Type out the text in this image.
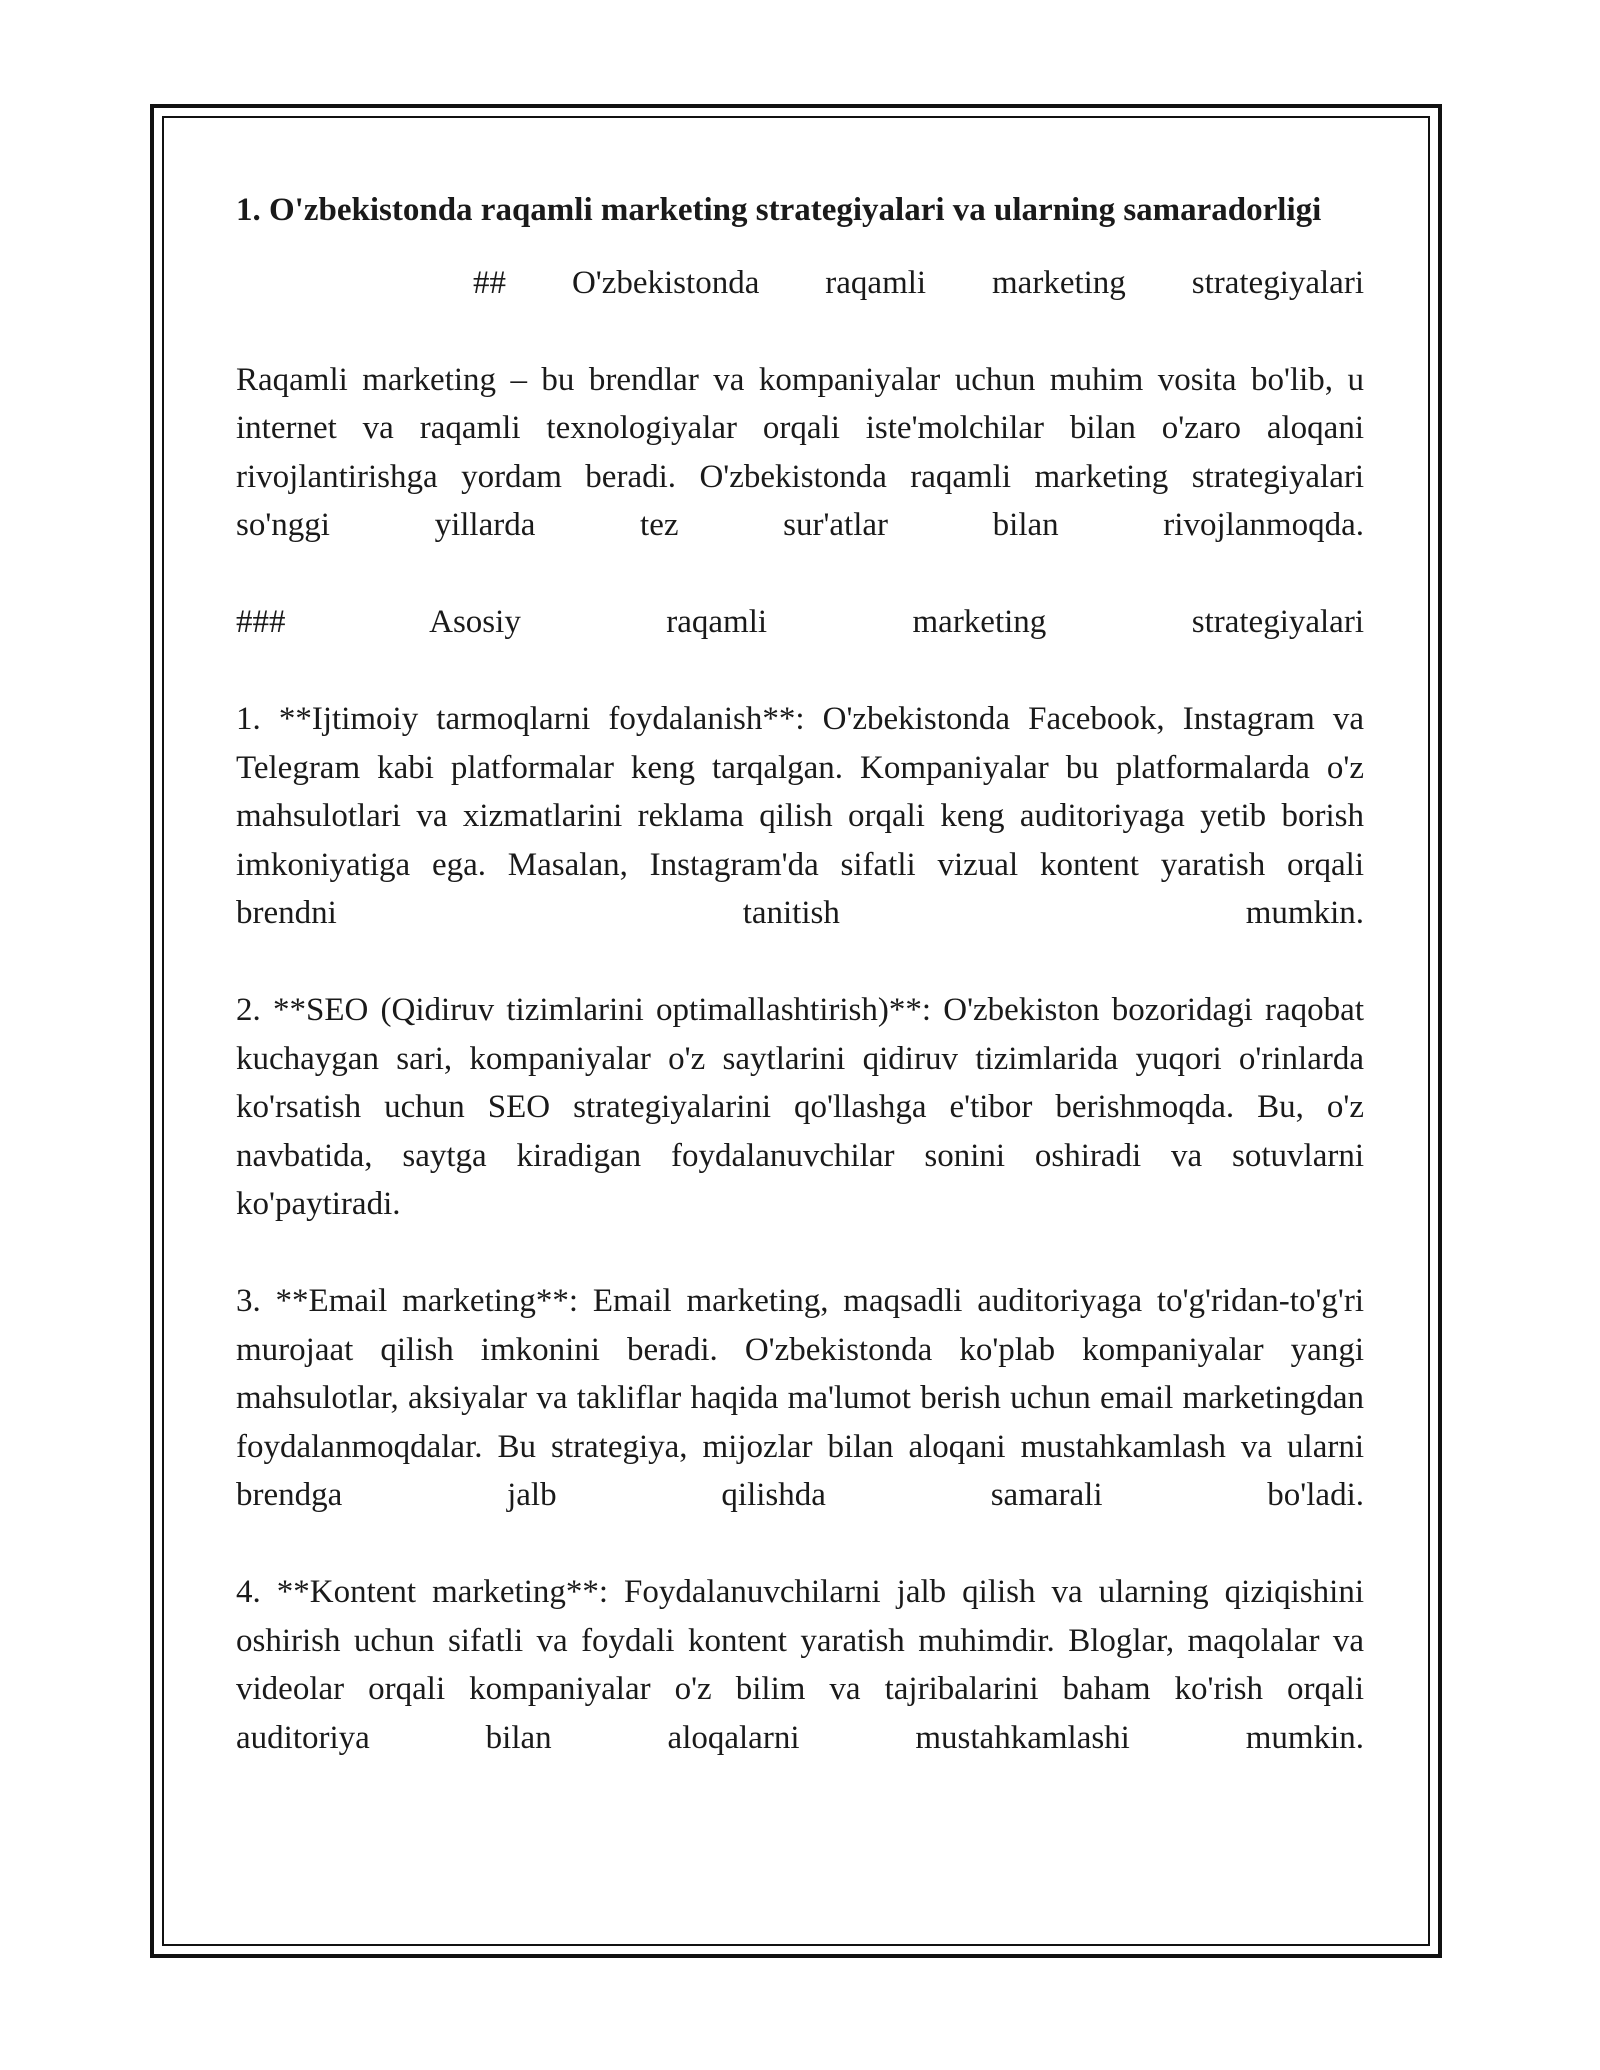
1. O'zbekistonda raqamli marketing strategiyalari va ularning samaradorligi

## O'zbekistonda raqamli marketing strategiyalari

Raqamli marketing – bu brendlar va kompaniyalar uchun muhim vosita bo'lib, u internet va raqamli texnologiyalar orqali iste'molchilar bilan o'zaro aloqani rivojlantirishga yordam beradi. O'zbekistonda raqamli marketing strategiyalari so'nggi yillarda tez sur'atlar bilan rivojlanmoqda.

### Asosiy raqamli marketing strategiyalari

1. **Ijtimoiy tarmoqlarni foydalanish**: O'zbekistonda Facebook, Instagram va Telegram kabi platformalar keng tarqalgan. Kompaniyalar bu platformalarda o'z mahsulotlari va xizmatlarini reklama qilish orqali keng auditoriyaga yetib borish imkoniyatiga ega. Masalan, Instagram'da sifatli vizual kontent yaratish orqali brendni tanitish mumkin.

2. **SEO (Qidiruv tizimlarini optimallashtirish)**: O'zbekiston bozoridagi raqobat kuchaygan sari, kompaniyalar o'z saytlarini qidiruv tizimlarida yuqori o'rinlarda ko'rsatish uchun SEO strategiyalarini qo'llashga e'tibor berishmoqda. Bu, o'z navbatida, saytga kiradigan foydalanuvchilar sonini oshiradi va sotuvlarni ko'paytiradi.

3. **Email marketing**: Email marketing, maqsadli auditoriyaga to'g'ridan-to'g'ri murojaat qilish imkonini beradi. O'zbekistonda ko'plab kompaniyalar yangi mahsulotlar, aksiyalar va takliflar haqida ma'lumot berish uchun email marketingdan foydalanmoqdalar. Bu strategiya, mijozlar bilan aloqani mustahkamlash va ularni brendga jalb qilishda samarali bo'ladi.

4. **Kontent marketing**: Foydalanuvchilarni jalb qilish va ularning qiziqishini oshirish uchun sifatli va foydali kontent yaratish muhimdir. Bloglar, maqolalar va videolar orqali kompaniyalar o'z bilim va tajribalarini baham ko'rish orqali auditoriya bilan aloqalarni mustahkamlashi mumkin.
